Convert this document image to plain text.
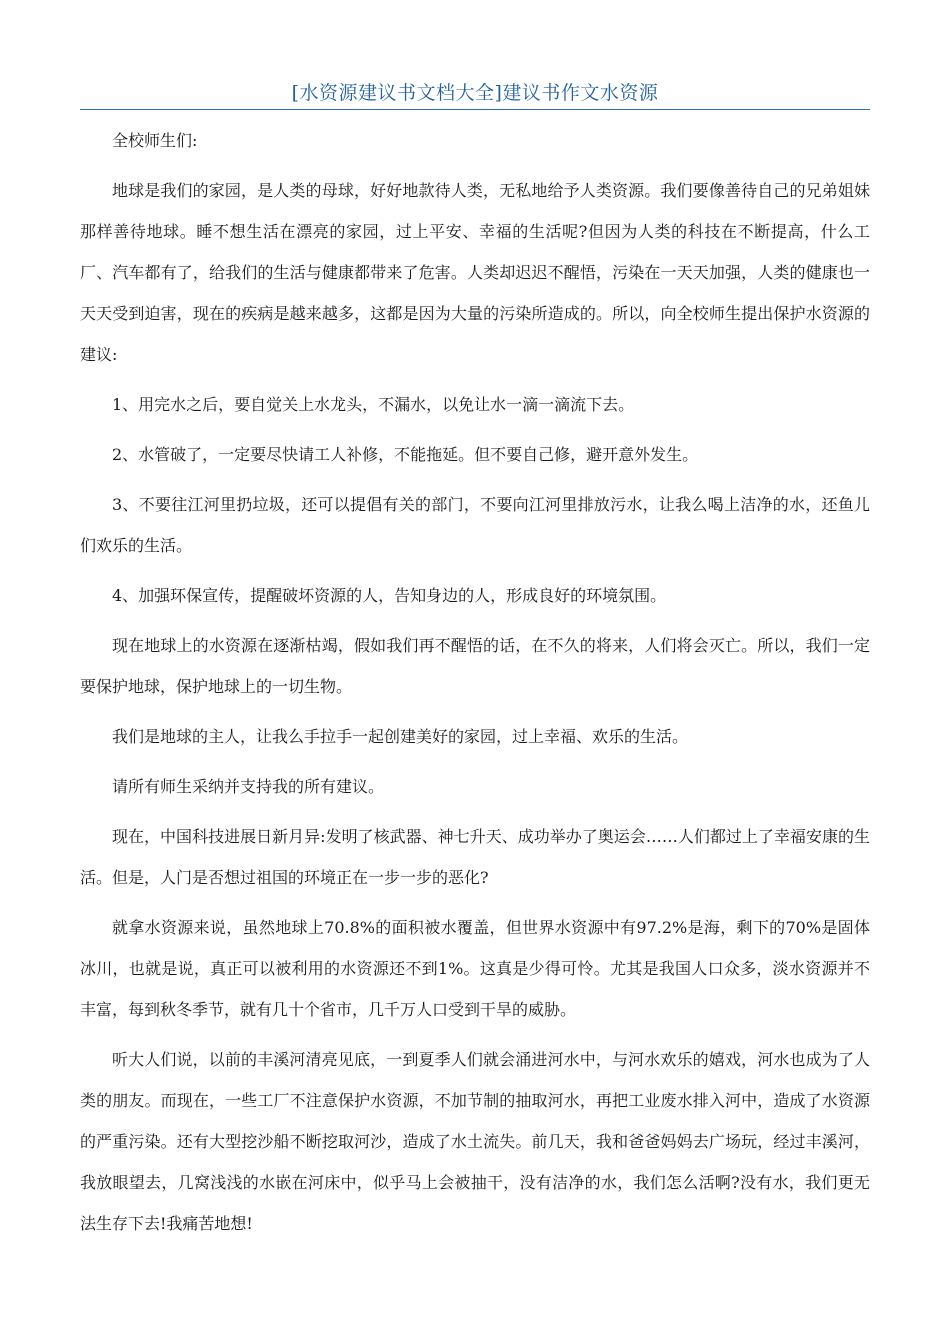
[水资源建议书文档大全]建议书作文水资源

全校师生们:

地球是我们的家园，是人类的母球，好好地款待人类，无私地给予人类资源。我们要像善待自己的兄弟姐妹那样善待地球。睡不想生活在漂亮的家园，过上平安、幸福的生活呢?但因为人类的科技在不断提高，什么工厂、汽车都有了，给我们的生活与健康都带来了危害。人类却迟迟不醒悟，污染在一天天加强，人类的健康也一天天受到迫害，现在的疾病是越来越多，这都是因为大量的污染所造成的。所以，向全校师生提出保护水资源的建议:

1、用完水之后，要自觉关上水龙头，不漏水，以免让水一滴一滴流下去。

2、水管破了，一定要尽快请工人补修，不能拖延。但不要自己修，避开意外发生。

3、不要往江河里扔垃圾，还可以提倡有关的部门，不要向江河里排放污水，让我么喝上洁净的水，还鱼儿们欢乐的生活。

4、加强环保宣传，提醒破坏资源的人，告知身边的人，形成良好的环境氛围。

现在地球上的水资源在逐渐枯竭，假如我们再不醒悟的话，在不久的将来，人们将会灭亡。所以，我们一定要保护地球，保护地球上的一切生物。

我们是地球的主人，让我么手拉手一起创建美好的家园，过上幸福、欢乐的生活。

请所有师生采纳并支持我的所有建议。

现在，中国科技进展日新月异:发明了核武器、神七升天、成功举办了奥运会……人们都过上了幸福安康的生活。但是，人门是否想过祖国的环境正在一步一步的恶化?

就拿水资源来说，虽然地球上70.8%的面积被水覆盖，但世界水资源中有97.2%是海，剩下的70%是固体冰川，也就是说，真正可以被利用的水资源还不到1%。这真是少得可怜。尤其是我国人口众多，淡水资源并不丰富，每到秋冬季节，就有几十个省市，几千万人口受到干旱的威胁。

听大人们说，以前的丰溪河清亮见底，一到夏季人们就会涌进河水中，与河水欢乐的嬉戏，河水也成为了人类的朋友。而现在，一些工厂不注意保护水资源，不加节制的抽取河水，再把工业废水排入河中，造成了水资源的严重污染。还有大型挖沙船不断挖取河沙，造成了水土流失。前几天，我和爸爸妈妈去广场玩，经过丰溪河，我放眼望去，几窝浅浅的水嵌在河床中，似乎马上会被抽干，没有洁净的水，我们怎么活啊?没有水，我们更无法生存下去!我痛苦地想!
